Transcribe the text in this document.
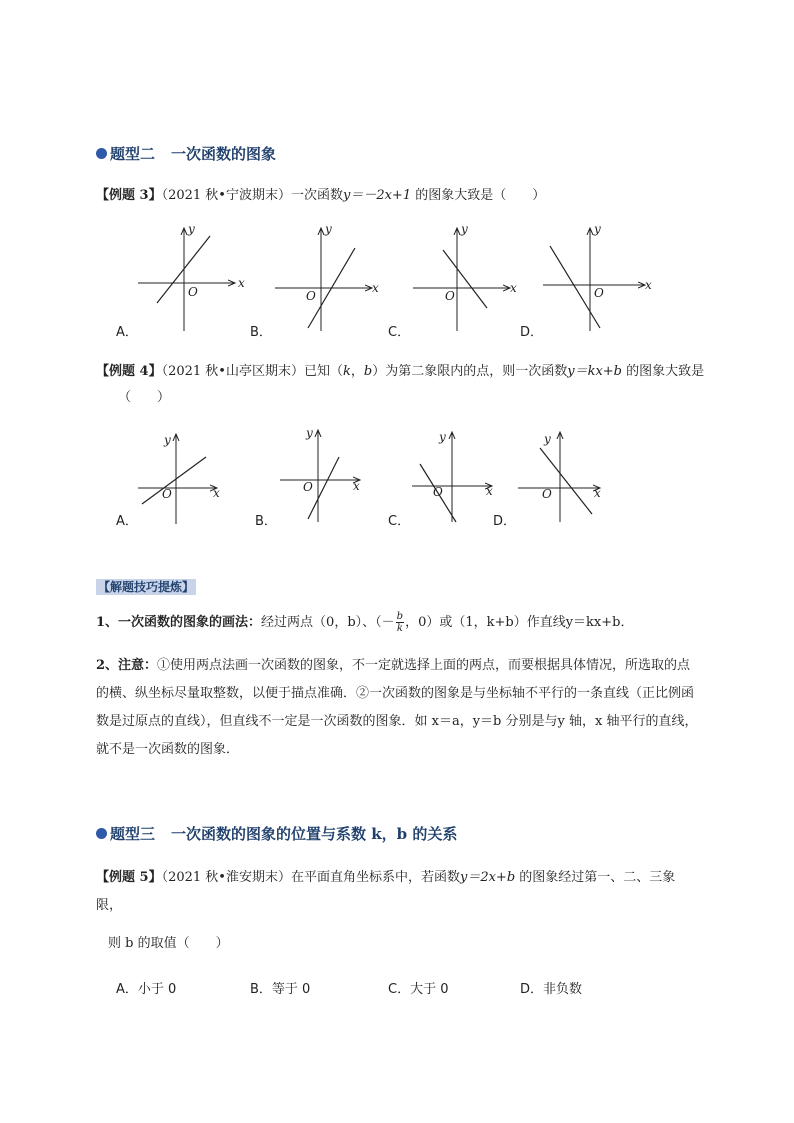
题型二 一次函数的图象
【例题 3】（2021 秋•宁波期末）一次函数y＝－2x+1 的图象大致是（　　）
x
y
O	x
y
O
x
y
O
x
y
O
A．	B．	C．	D．
【例题 4】（2021 秋•山亭区期末）已知（k，b）为第二象限内的点，则一次函数y＝kx+b 的图象大致是
（　　）
x
y
O
x
y
O	x
y
O	x
y
O
A．	B．	C．	D．
【解题技巧提炼】
1、一次函数的图象的画法：经过两点（0，b）、（－ $\frac{b}{k}$ ，0）或（1，k+b）作直线y＝kx+b．
2、注意：①使用两点法画一次函数的图象，不一定就选择上面的两点，而要根据具体情况，所选取的点的横、纵坐标尽量取整数，以便于描点准确．②一次函数的图象是与坐标轴不平行的一条直线（正比例函数是过原点的直线），但直线不一定是一次函数的图象．如 x＝a，y＝b 分别是与y 轴，x 轴平行的直线，就不是一次函数的图象．
题型三 一次函数的图象的位置与系数 k，b 的关系
【例题 5】（2021 秋•淮安期末）在平面直角坐标系中，若函数y＝2x+b 的图象经过第一、二、三象
限，
则 b 的取值（　　）
A．小于 0	B．等于 0	C．大于 0	D．非负数
